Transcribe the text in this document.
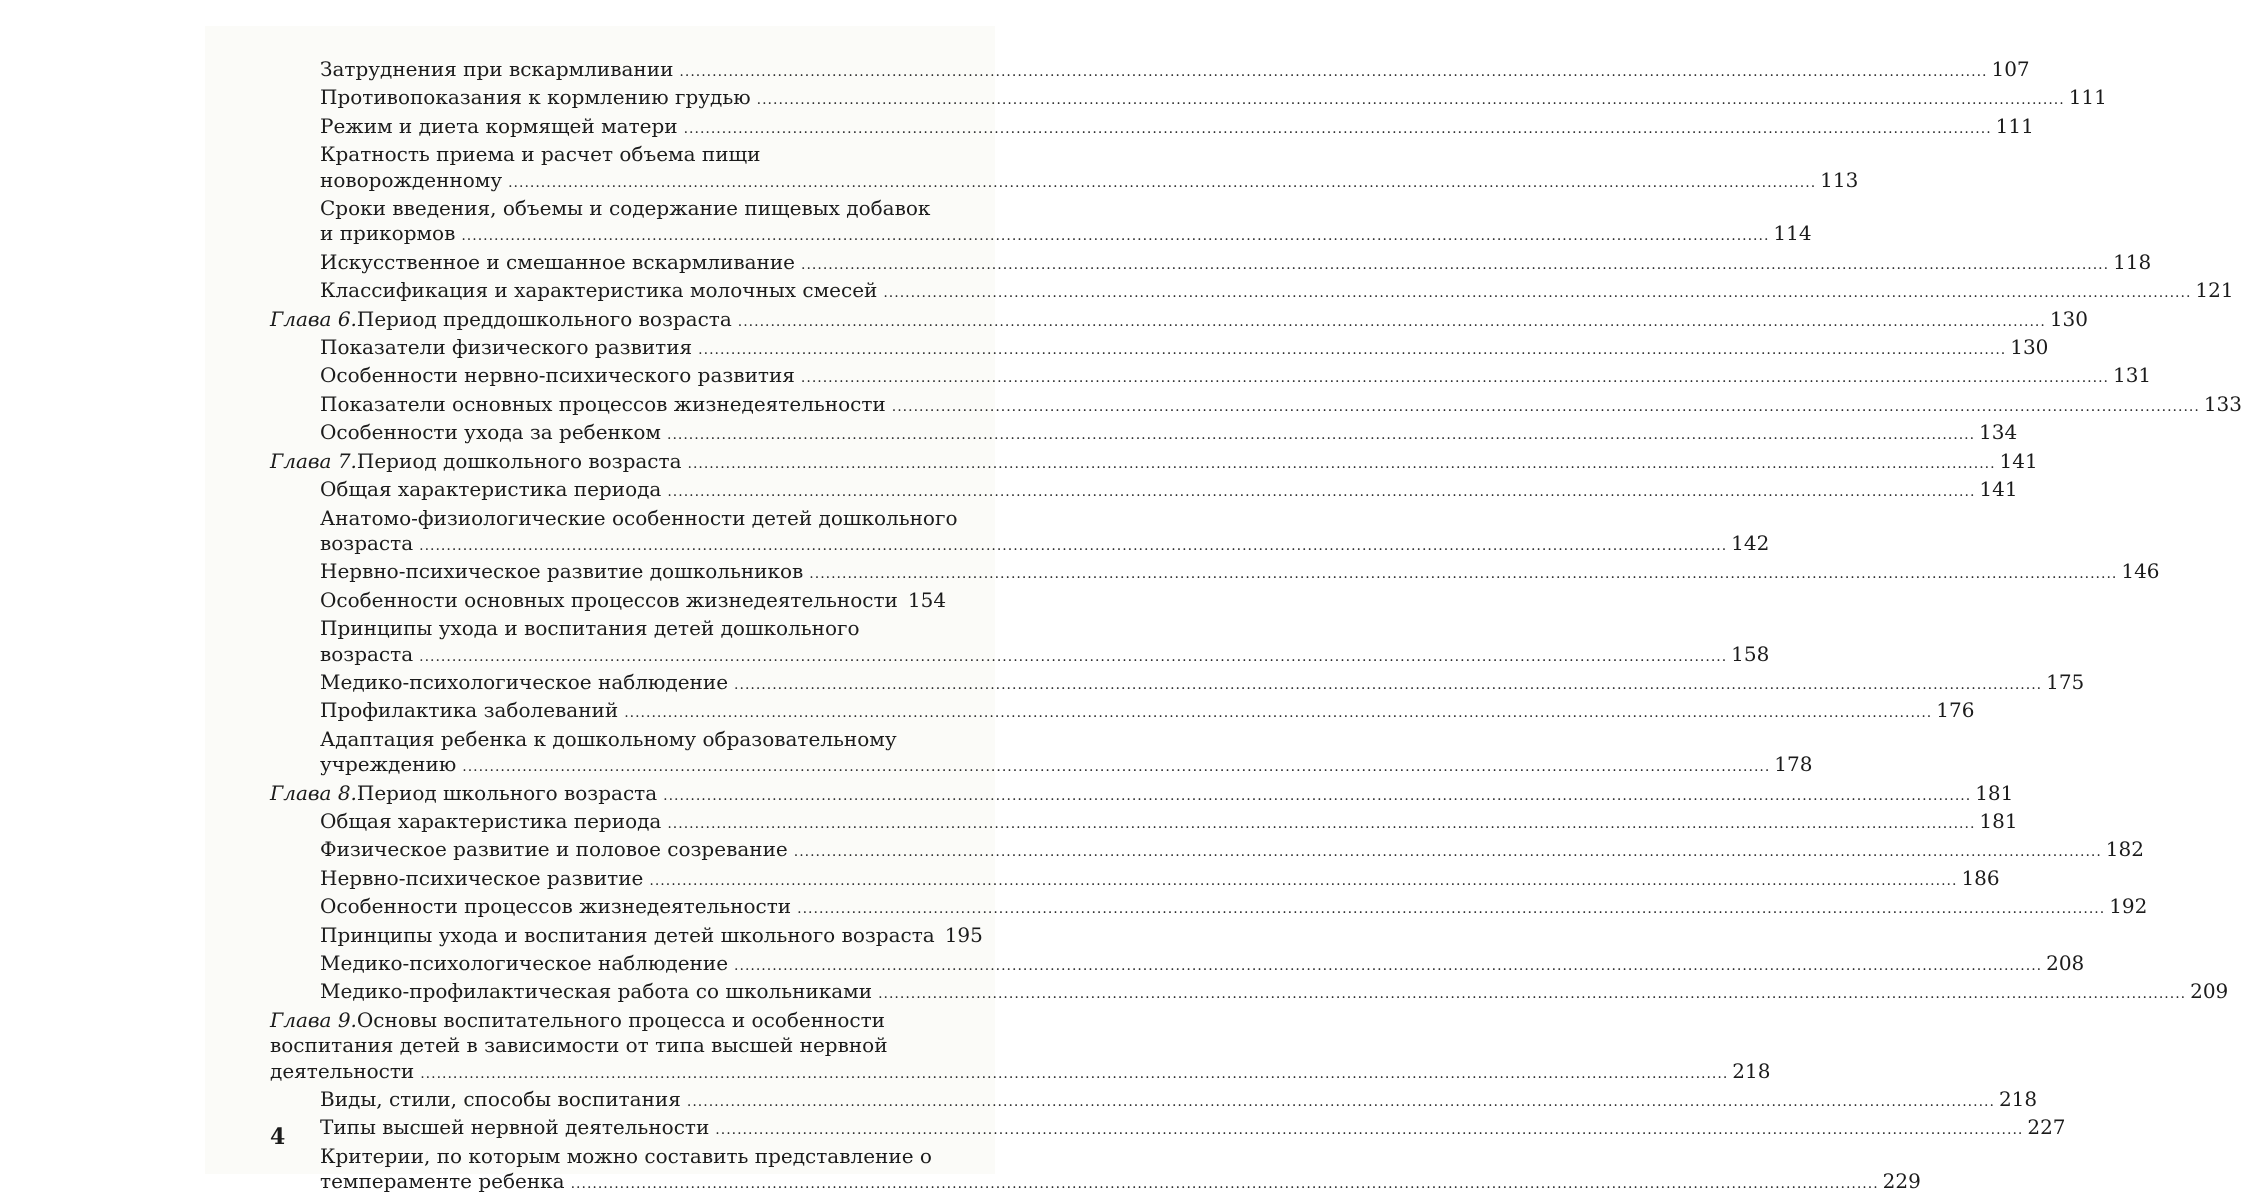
Затруднения при вскармливании ................................................................................................................................................................................................................................................ 107
Противопоказания к кормлению грудью ................................................................................................................................................................................................................................................ 111
Режим и диета кормящей матери ................................................................................................................................................................................................................................................ 111
Кратность приема и расчет объема пищи
новорожденному ................................................................................................................................................................................................................................................ 113
Сроки введения, объемы и содержание пищевых добавок
и прикормов ................................................................................................................................................................................................................................................ 114
Искусственное и смешанное вскармливание ................................................................................................................................................................................................................................................ 118
Классификация и характеристика молочных смесей ................................................................................................................................................................................................................................................ 121
Глава 6. Период преддошкольного возраста ................................................................................................................................................................................................................................................ 130
Показатели физического развития ................................................................................................................................................................................................................................................ 130
Особенности нервно-психического развития ................................................................................................................................................................................................................................................ 131
Показатели основных процессов жизнедеятельности ................................................................................................................................................................................................................................................ 133
Особенности ухода за ребенком ................................................................................................................................................................................................................................................ 134
Глава 7. Период дошкольного возраста ................................................................................................................................................................................................................................................ 141
Общая характеристика периода ................................................................................................................................................................................................................................................ 141
Анатомо-физиологические особенности детей дошкольного
возраста ................................................................................................................................................................................................................................................ 142
Нервно-психическое развитие дошкольников ................................................................................................................................................................................................................................................ 146
Особенности основных процессов жизнедеятельности 154
Принципы ухода и воспитания детей дошкольного
возраста ................................................................................................................................................................................................................................................ 158
Медико-психологическое наблюдение ................................................................................................................................................................................................................................................ 175
Профилактика заболеваний ................................................................................................................................................................................................................................................ 176
Адаптация ребенка к дошкольному образовательному
учреждению ................................................................................................................................................................................................................................................ 178
Глава 8. Период школьного возраста ................................................................................................................................................................................................................................................ 181
Общая характеристика периода ................................................................................................................................................................................................................................................ 181
Физическое развитие и половое созревание ................................................................................................................................................................................................................................................ 182
Нервно-психическое развитие ................................................................................................................................................................................................................................................ 186
Особенности процессов жизнедеятельности ................................................................................................................................................................................................................................................ 192
Принципы ухода и воспитания детей школьного возраста 195
Медико-психологическое наблюдение ................................................................................................................................................................................................................................................ 208
Медико-профилактическая работа со школьниками ................................................................................................................................................................................................................................................ 209
Глава 9. Основы воспитательного процесса и особенности
воспитания детей в зависимости от типа высшей нервной
деятельности ................................................................................................................................................................................................................................................ 218
Виды, стили, способы воспитания ................................................................................................................................................................................................................................................ 218
Типы высшей нервной деятельности ................................................................................................................................................................................................................................................ 227
Критерии, по которым можно составить представление о
темпераменте ребенка ................................................................................................................................................................................................................................................ 229
4
